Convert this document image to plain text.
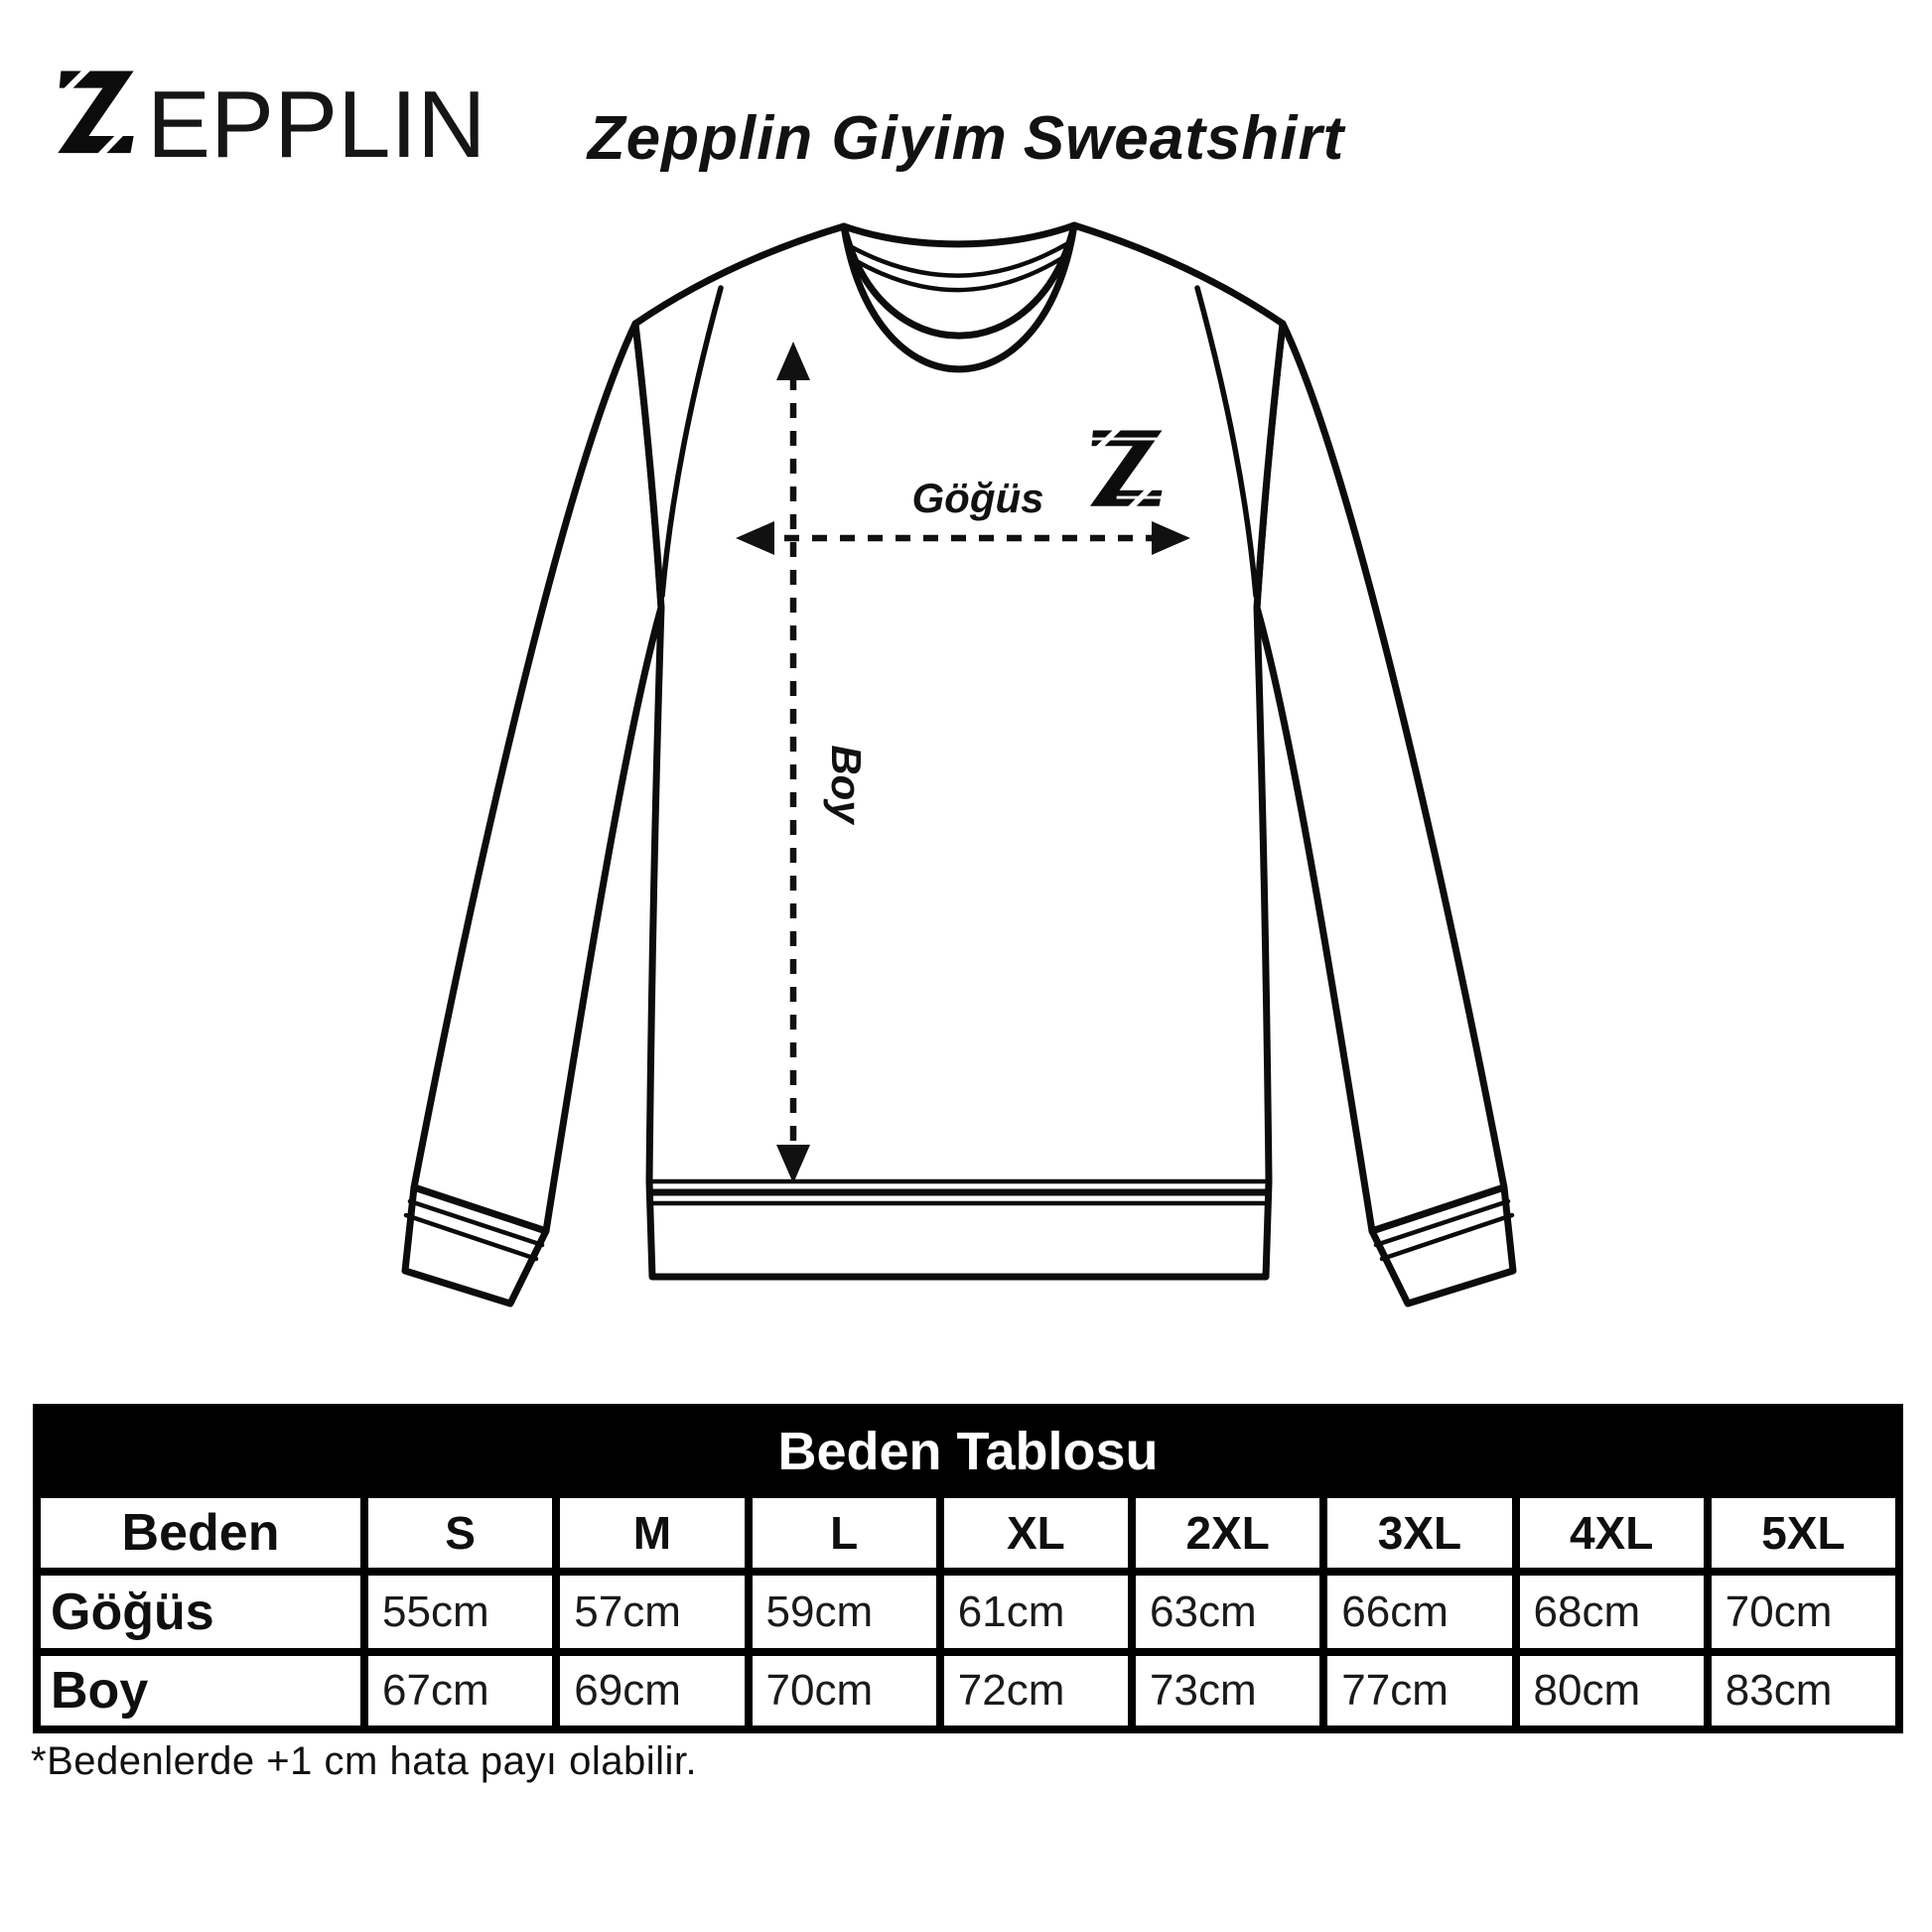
EPPLIN Zepplin Giyim Sweatshirt
Göğüs
Boy
Beden Tablosu
Beden	S	M	L	XL	2XL	3XL	4XL	5XL
Göğüs	55cm	57cm	59cm	61cm	63cm	66cm	68cm	70cm
Boy	67cm	69cm	70cm	72cm	73cm	77cm	80cm	83cm
*Bedenlerde +1 cm hata payı olabilir.
